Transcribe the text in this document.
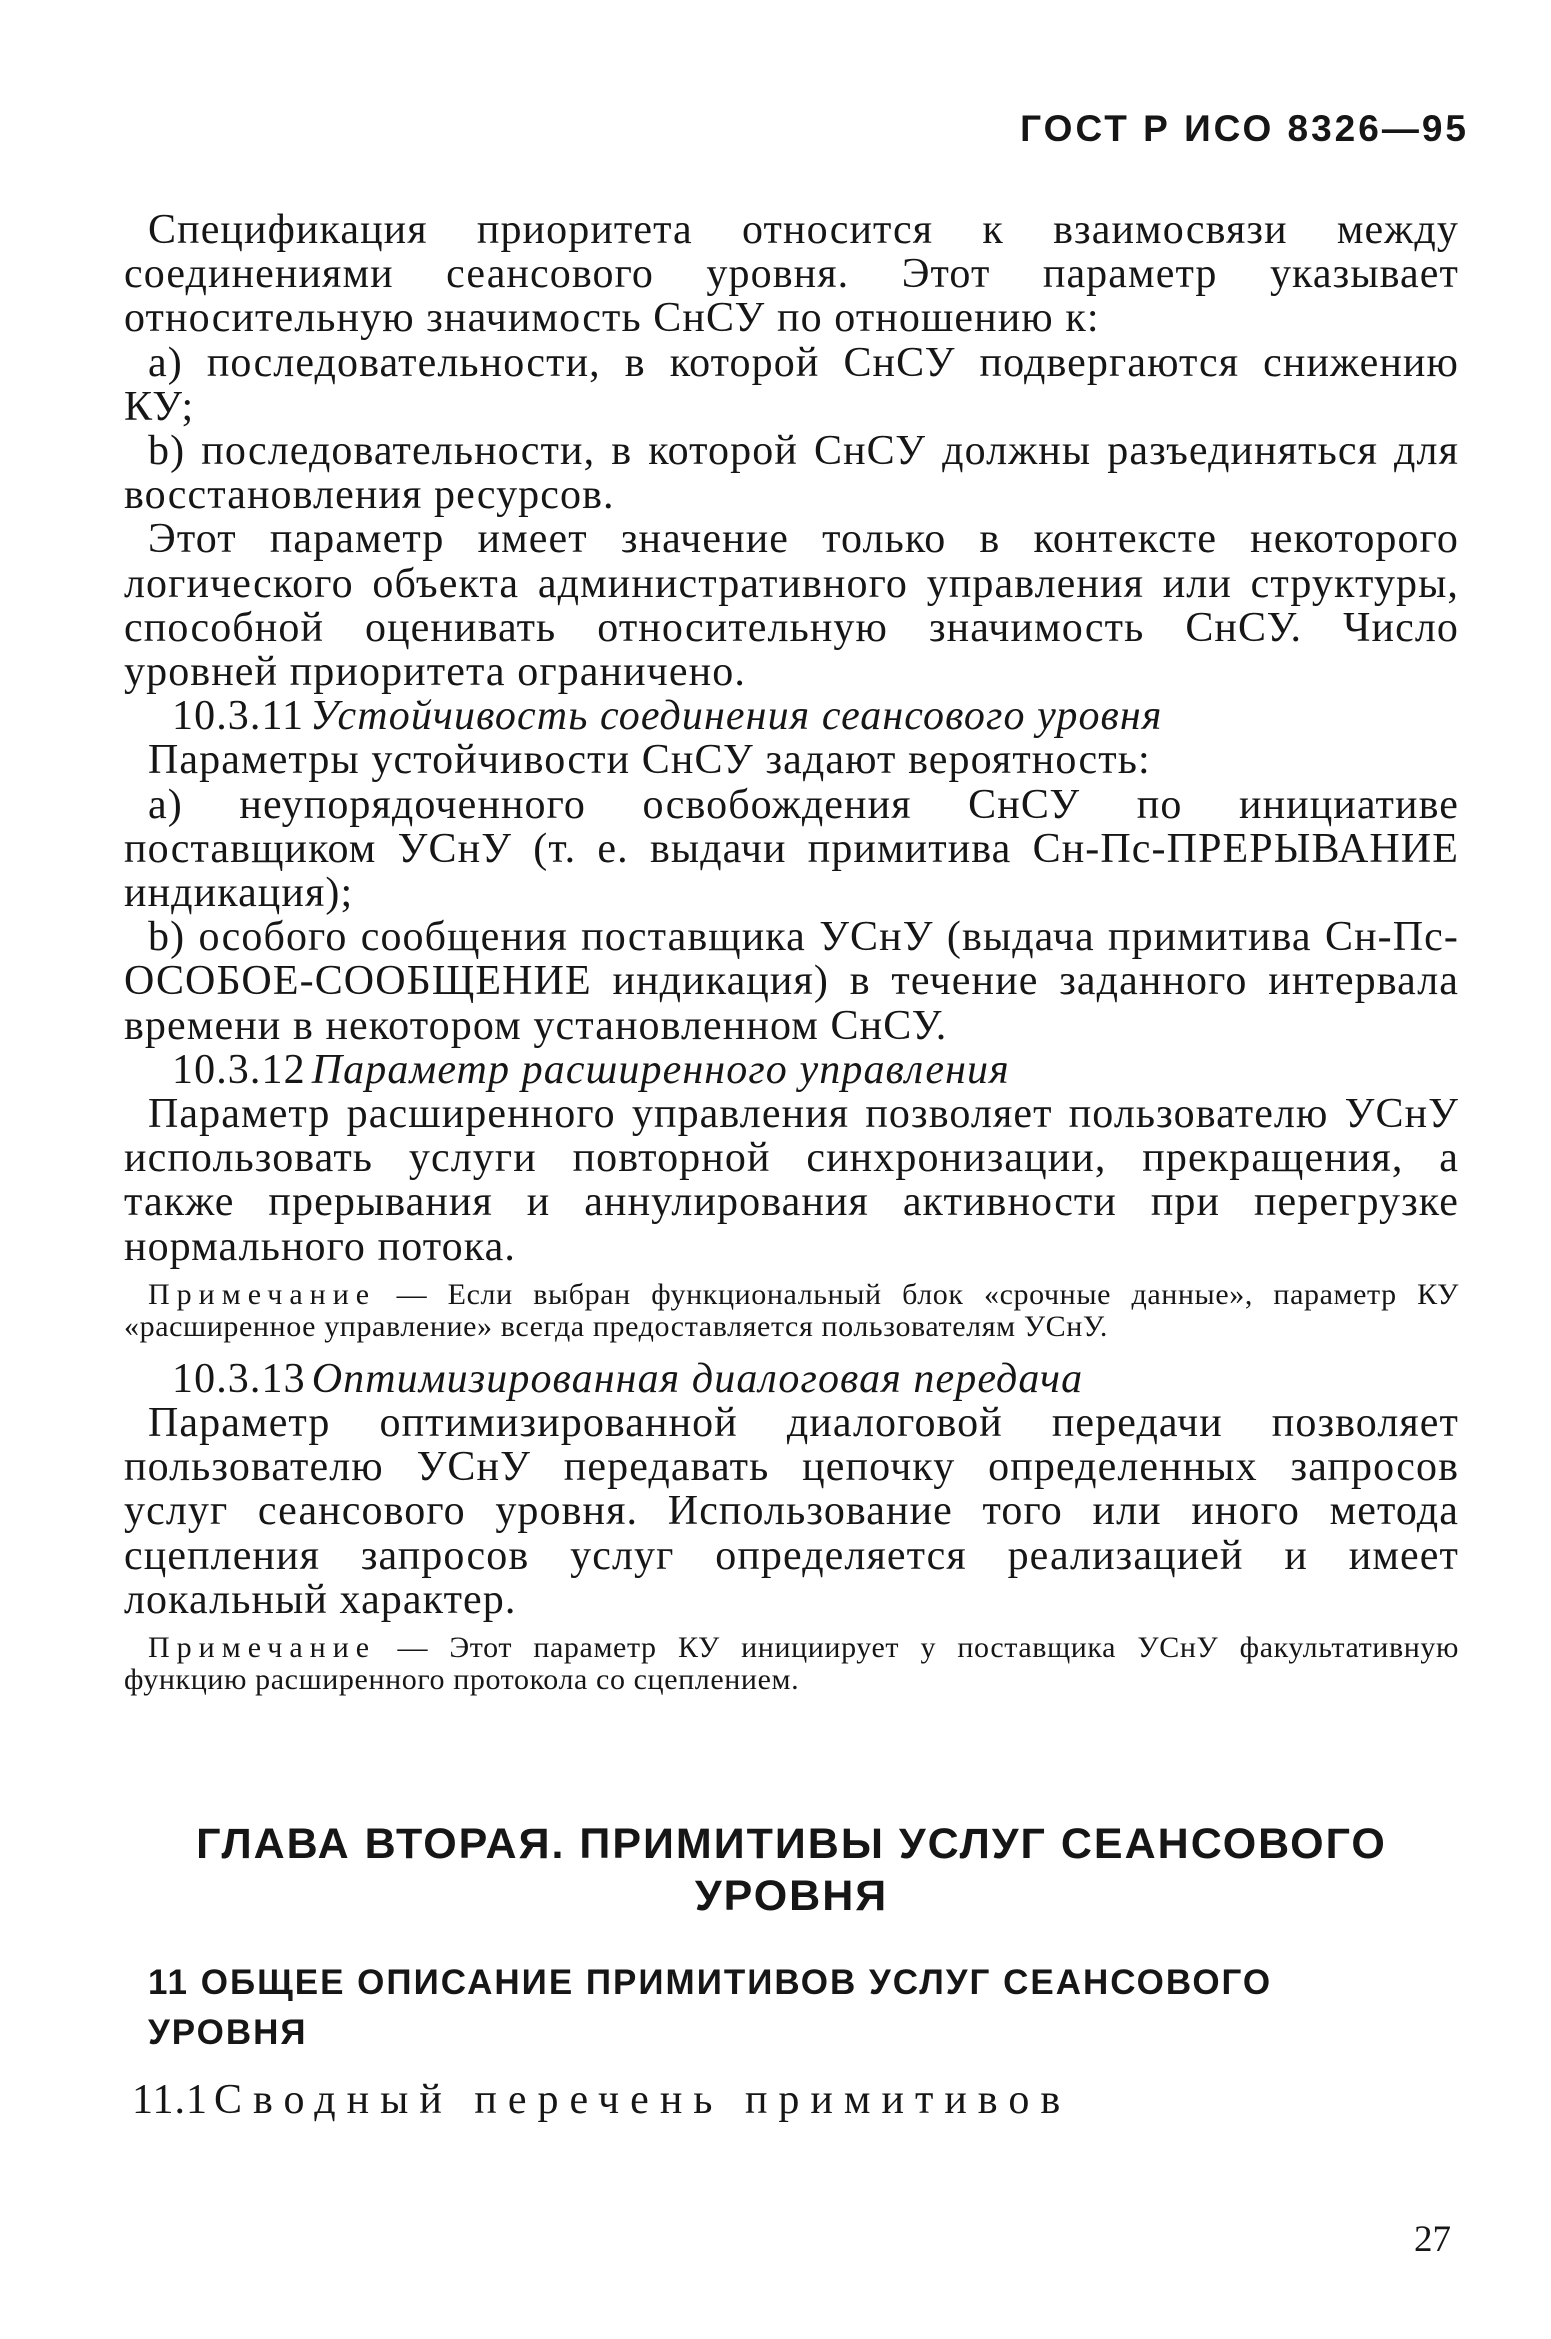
ГОСТ Р ИСО 8326—95

Спецификация приоритета относится к взаимосвязи между соединениями сеансового уровня. Этот параметр указывает относительную значимость СнСУ по отношению к:

a) последовательности, в которой СнСУ подвергаются снижению КУ;

b) последовательности, в которой СнСУ должны разъединяться для восстановления ресурсов.

Этот параметр имеет значение только в контексте некоторого логического объекта административного управления или структуры, способной оценивать относительную значимость СнСУ. Число уровней приоритета ограничено.

10.3.11 Устойчивость соединения сеансового уровня

Параметры устойчивости СнСУ задают вероятность:

a) неупорядоченного освобождения СнСУ по инициативе поставщиком УСнУ (т. е. выдачи примитива Сн-Пс-ПРЕРЫВАНИЕ индикация);

b) особого сообщения поставщика УСнУ (выдача примитива Сн-Пс-ОСОБОЕ-СООБЩЕНИЕ индикация) в течение заданного интервала времени в некотором установленном СнСУ.

10.3.12 Параметр расширенного управления

Параметр расширенного управления позволяет пользователю УСнУ использовать услуги повторной синхронизации, прекращения, а также прерывания и аннулирования активности при перегрузке нормального потока.

Примечание — Если выбран функциональный блок «срочные данные», параметр КУ «расширенное управление» всегда предоставляется пользователям УСнУ.

10.3.13 Оптимизированная диалоговая передача

Параметр оптимизированной диалоговой передачи позволяет пользователю УСнУ передавать цепочку определенных запросов услуг сеансового уровня. Использование того или иного метода сцепления запросов услуг определяется реализацией и имеет локальный характер.

Примечание — Этот параметр КУ инициирует у поставщика УСнУ факультативную функцию расширенного протокола со сцеплением.

ГЛАВА ВТОРАЯ. ПРИМИТИВЫ УСЛУГ СЕАНСОВОГО
УРОВНЯ
11 ОБЩЕЕ ОПИСАНИЕ ПРИМИТИВОВ УСЛУГ СЕАНСОВОГО
УРОВНЯ
11.1 Сводный перечень примитивов
27
